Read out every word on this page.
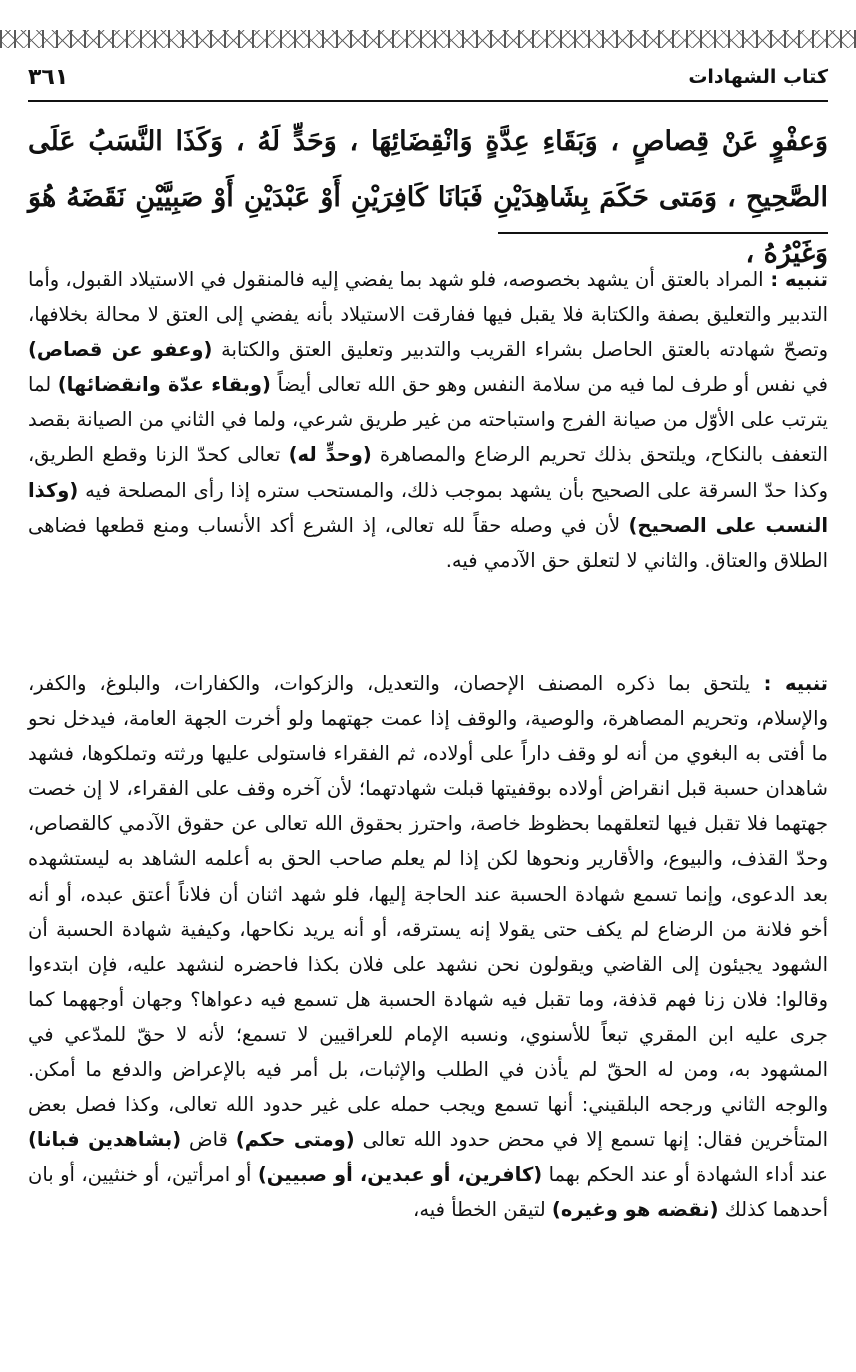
كتاب الشهادات
٣٦١
وَعفْوٍ عَنْ قِصاصٍ ، وَبَقَاءِ عِدَّةٍ وَانْقِضَائِهَا ، وَحَدٍّ لَهُ ، وَكَذَا النَّسَبُ عَلَى الصَّحِيحِ ، وَمَتى حَكَمَ بِشَاهِدَيْنِ فَبَانَا كَافِرَيْنِ أَوْ عَبْدَيْنِ أَوْ صَبِيَّيْنِ نَقَضَهُ هُوَ وَغَيْرُهُ ،
تنبيه : المراد بالعتق أن يشهد بخصوصه، فلو شهد بما يفضي إليه فالمنقول في الاستيلاد القبول، وأما التدبير والتعليق بصفة والكتابة فلا يقبل فيها ففارقت الاستيلاد بأنه يفضي إلى العتق لا محالة بخلافها، وتصحّ شهادته بالعتق الحاصل بشراء القريب والتدبير وتعليق العتق والكتابة (وعفو عن قصاص) في نفس أو طرف لما فيه من سلامة النفس وهو حق الله تعالى أيضاً (وبقاء عدّة وانقضائها) لما يترتب على الأوّل من صيانة الفرج واستباحته من غير طريق شرعي، ولما في الثاني من الصيانة بقصد التعفف بالنكاح، ويلتحق بذلك تحريم الرضاع والمصاهرة (وحدٍّ له) تعالى كحدّ الزنا وقطع الطريق، وكذا حدّ السرقة على الصحيح بأن يشهد بموجب ذلك، والمستحب ستره إذا رأى المصلحة فيه (وكذا النسب على الصحيح) لأن في وصله حقاً لله تعالى، إذ الشرع أكد الأنساب ومنع قطعها فضاهى الطلاق والعتاق. والثاني لا لتعلق حق الآدمي فيه.
تنبيه : يلتحق بما ذكره المصنف الإحصان، والتعديل، والزكوات، والكفارات، والبلوغ، والكفر، والإسلام، وتحريم المصاهرة، والوصية، والوقف إذا عمت جهتهما ولو أخرت الجهة العامة، فيدخل نحو ما أفتى به البغوي من أنه لو وقف داراً على أولاده، ثم الفقراء فاستولى عليها ورثته وتملكوها، فشهد شاهدان حسبة قبل انقراض أولاده بوقفيتها قبلت شهادتهما؛ لأن آخره وقف على الفقراء، لا إن خصت جهتهما فلا تقبل فيها لتعلقهما بحظوظ خاصة، واحترز بحقوق الله تعالى عن حقوق الآدمي كالقصاص، وحدّ القذف، والبيوع، والأقارير ونحوها لكن إذا لم يعلم صاحب الحق به أعلمه الشاهد به ليستشهده بعد الدعوى، وإنما تسمع شهادة الحسبة عند الحاجة إليها، فلو شهد اثنان أن فلاناً أعتق عبده، أو أنه أخو فلانة من الرضاع لم يكف حتى يقولا إنه يسترقه، أو أنه يريد نكاحها، وكيفية شهادة الحسبة أن الشهود يجيئون إلى القاضي ويقولون نحن نشهد على فلان بكذا فاحضره لنشهد عليه، فإن ابتدءوا وقالوا: فلان زنا فهم قذفة، وما تقبل فيه شهادة الحسبة هل تسمع فيه دعواها؟ وجهان أوجههما كما جرى عليه ابن المقري تبعاً للأسنوي، ونسبه الإمام للعراقيين لا تسمع؛ لأنه لا حقّ للمدّعي في المشهود به، ومن له الحقّ لم يأذن في الطلب والإثبات، بل أمر فيه بالإعراض والدفع ما أمكن. والوجه الثاني ورجحه البلقيني: أنها تسمع ويجب حمله على غير حدود الله تعالى، وكذا فصل بعض المتأخرين فقال: إنها تسمع إلا في محض حدود الله تعالى (ومتى حكم) قاض (بشاهدين فبانا) عند أداء الشهادة أو عند الحكم بهما (كافرين، أو عبدين، أو صبيين) أو امرأتين، أو خنثيين، أو بان أحدهما كذلك (نقضه هو وغيره) لتيقن الخطأ فيه،
